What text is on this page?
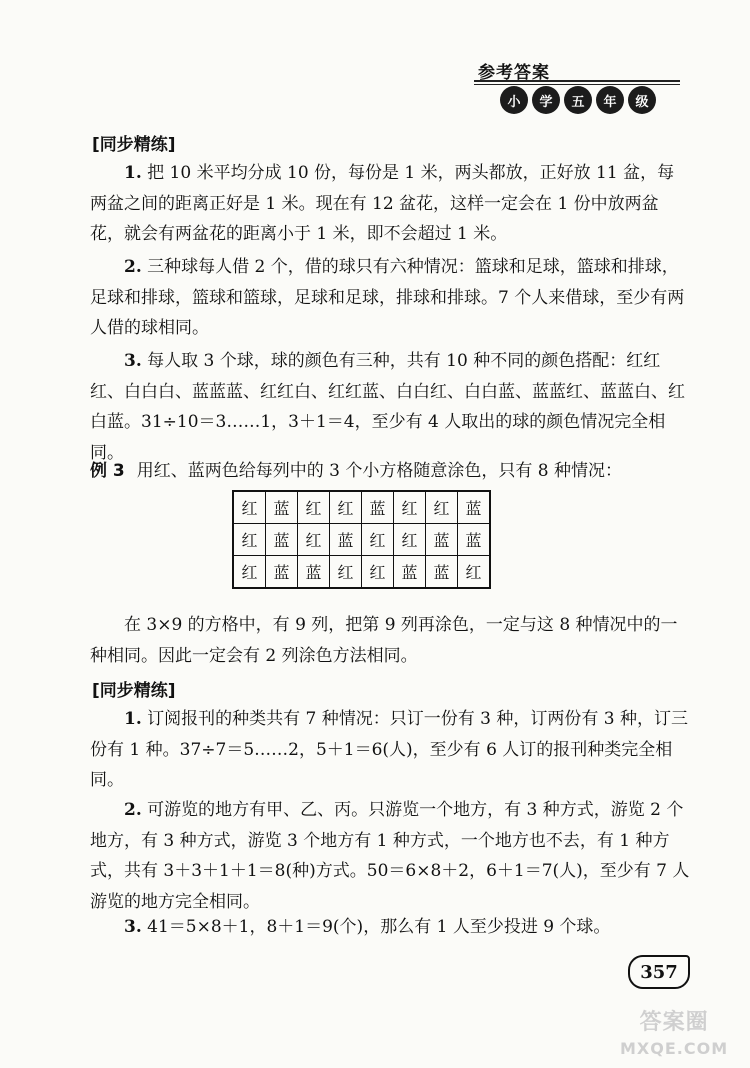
参考答案
小	学	五	年	级
[同步精练]
1. 把 10 米平均分成 10 份，每份是 1 米，两头都放，正好放 11 盆，每两盆之间的距离正好是 1 米。现在有 12 盆花，这样一定会在 1 份中放两盆花，就会有两盆花的距离小于 1 米，即不会超过 1 米。
2. 三种球每人借 2 个，借的球只有六种情况：篮球和足球，篮球和排球，足球和排球，篮球和篮球，足球和足球，排球和排球。7 个人来借球，至少有两人借的球相同。
3. 每人取 3 个球，球的颜色有三种，共有 10 种不同的颜色搭配：红红红、白白白、蓝蓝蓝、红红白、红红蓝、白白红、白白蓝、蓝蓝红、蓝蓝白、红白蓝。31÷10＝3……1，3＋1＝4，至少有 4 人取出的球的颜色情况完全相同。
例 3 用红、蓝两色给每列中的 3 个小方格随意涂色，只有 8 种情况：
红	蓝	红	红	蓝	红	红	蓝
红	蓝	红	蓝	红	红	蓝	蓝
红	蓝	蓝	红	红	蓝	蓝	红
在 3×9 的方格中，有 9 列，把第 9 列再涂色，一定与这 8 种情况中的一种相同。因此一定会有 2 列涂色方法相同。
[同步精练]
1. 订阅报刊的种类共有 7 种情况：只订一份有 3 种，订两份有 3 种，订三份有 1 种。37÷7＝5……2，5＋1＝6(人)，至少有 6 人订的报刊种类完全相同。
2. 可游览的地方有甲、乙、丙。只游览一个地方，有 3 种方式，游览 2 个地方，有 3 种方式，游览 3 个地方有 1 种方式，一个地方也不去，有 1 种方式，共有 3＋3＋1＋1＝8(种)方式。50＝6×8＋2，6＋1＝7(人)，至少有 7 人游览的地方完全相同。
3. 41＝5×8＋1，8＋1＝9(个)，那么有 1 人至少投进 9 个球。
357
答案圈
MXQE.COM
